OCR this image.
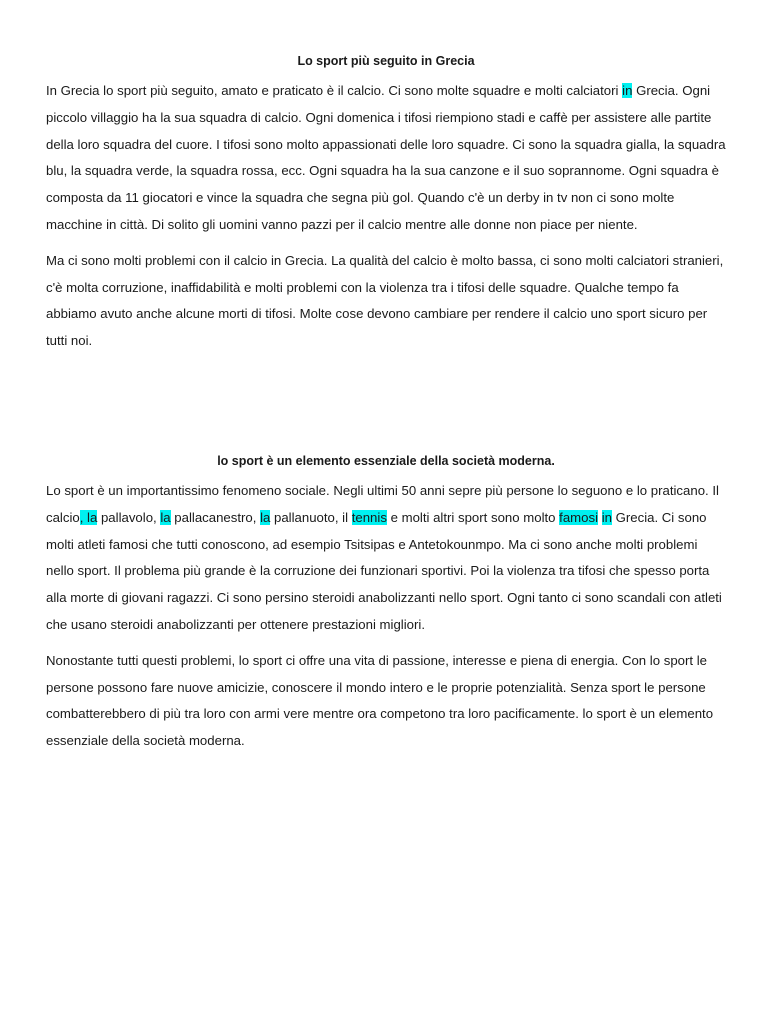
Lo sport più seguito in Grecia

In Grecia lo sport più seguito, amato e praticato è il calcio. Ci sono molte squadre e molti calciatori in Grecia. Ogni piccolo villaggio ha la sua squadra di calcio. Ogni domenica i tifosi riempiono stadi e caffè per assistere alle partite della loro squadra del cuore. I tifosi sono molto appassionati delle loro squadre. Ci sono la squadra gialla, la squadra blu, la squadra verde, la squadra rossa, ecc. Ogni squadra ha la sua canzone e il suo soprannome. Ogni squadra è composta da 11 giocatori e vince la squadra che segna più gol. Quando c'è un derby in tv non ci sono molte macchine in città. Di solito gli uomini vanno pazzi per il calcio mentre alle donne non piace per niente.

Ma ci sono molti problemi con il calcio in Grecia. La qualità del calcio è molto bassa, ci sono molti calciatori stranieri, c'è molta corruzione, inaffidabilità e molti problemi con la violenza tra i tifosi delle squadre. Qualche tempo fa abbiamo avuto anche alcune morti di tifosi. Molte cose devono cambiare per rendere il calcio uno sport sicuro per tutti noi.

lo sport è un elemento essenziale della società moderna.

Lo sport è un importantissimo fenomeno sociale. Negli ultimi 50 anni sepre più persone lo seguono e lo praticano. Il calcio, la pallavolo, la pallacanestro, la pallanuoto, il tennis e molti altri sport sono molto famosi in Grecia. Ci sono molti atleti famosi che tutti conoscono, ad esempio Tsitsipas e Antetokounmpo. Ma ci sono anche molti problemi nello sport. Il problema più grande è la corruzione dei funzionari sportivi. Poi la violenza tra tifosi che spesso porta alla morte di giovani ragazzi. Ci sono persino steroidi anabolizzanti nello sport. Ogni tanto ci sono scandali con atleti che usano steroidi anabolizzanti per ottenere prestazioni migliori.

Nonostante tutti questi problemi, lo sport ci offre una vita di passione, interesse e piena di energia. Con lo sport le persone possono fare nuove amicizie, conoscere il mondo intero e le proprie potenzialità. Senza sport le persone combatterebbero di più tra loro con armi vere mentre ora competono tra loro pacificamente. lo sport è un elemento essenziale della società moderna.
